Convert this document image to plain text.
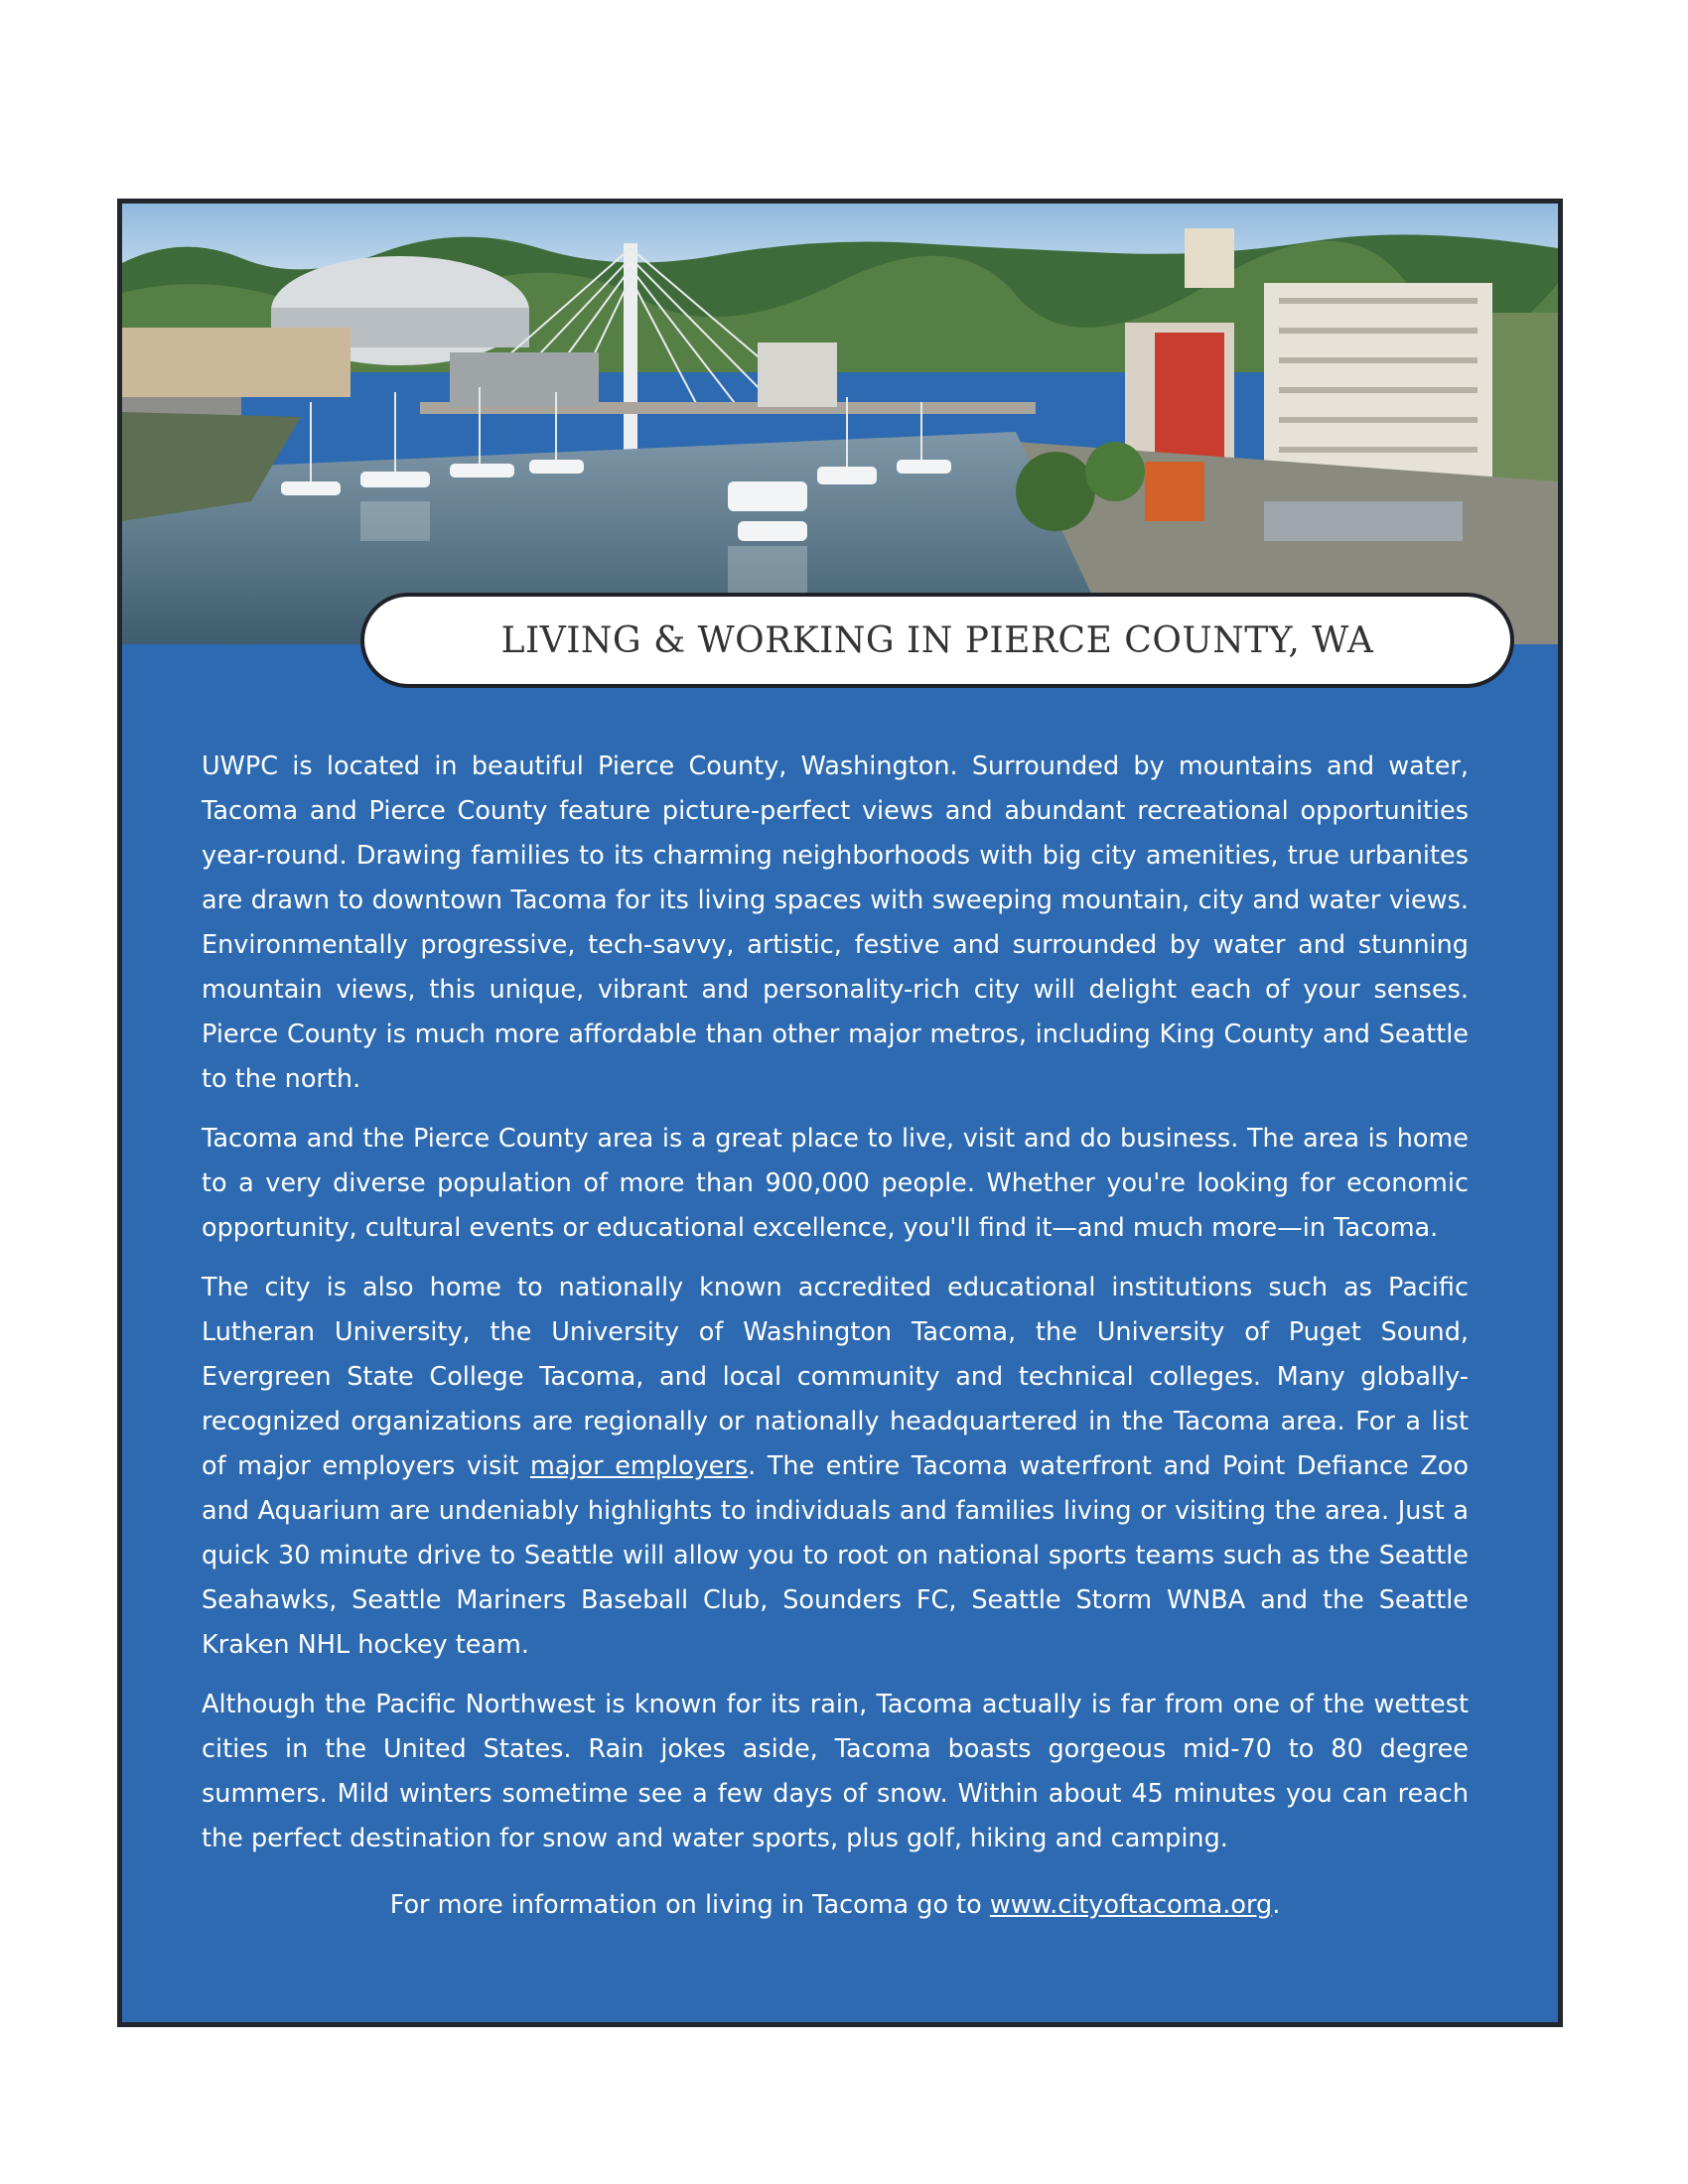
LIVING & WORKING IN PIERCE COUNTY, WA

UWPC is located in beautiful Pierce County, Washington. Surrounded by mountains and water, Tacoma and Pierce County feature picture-perfect views and abundant recreational opportunities year-round. Drawing families to its charming neighborhoods with big city amenities, true urbanites are drawn to downtown Tacoma for its living spaces with sweeping mountain, city and water views. Environmentally progressive, tech-savvy, artistic, festive and surrounded by water and stunning mountain views, this unique, vibrant and personality-rich city will delight each of your senses. Pierce County is much more affordable than other major metros, including King County and Seattle to the north.

Tacoma and the Pierce County area is a great place to live, visit and do business. The area is home to a very diverse population of more than 900,000 people. Whether you're looking for economic opportunity, cultural events or educational excellence, you'll find it—and much more—in Tacoma.

The city is also home to nationally known accredited educational institutions such as Pacific Lutheran University, the University of Washington Tacoma, the University of Puget Sound, Evergreen State College Tacoma, and local community and technical colleges. Many globally-recognized organizations are regionally or nationally headquartered in the Tacoma area. For a list of major employers visit major employers. The entire Tacoma waterfront and Point Defiance Zoo and Aquarium are undeniably highlights to individuals and families living or visiting the area. Just a quick 30 minute drive to Seattle will allow you to root on national sports teams such as the Seattle Seahawks, Seattle Mariners Baseball Club, Sounders FC, Seattle Storm WNBA and the Seattle Kraken NHL hockey team.

Although the Pacific Northwest is known for its rain, Tacoma actually is far from one of the wettest cities in the United States. Rain jokes aside, Tacoma boasts gorgeous mid-70 to 80 degree summers. Mild winters sometime see a few days of snow. Within about 45 minutes you can reach the perfect destination for snow and water sports, plus golf, hiking and camping.

For more information on living in Tacoma go to www.cityoftacoma.org.
